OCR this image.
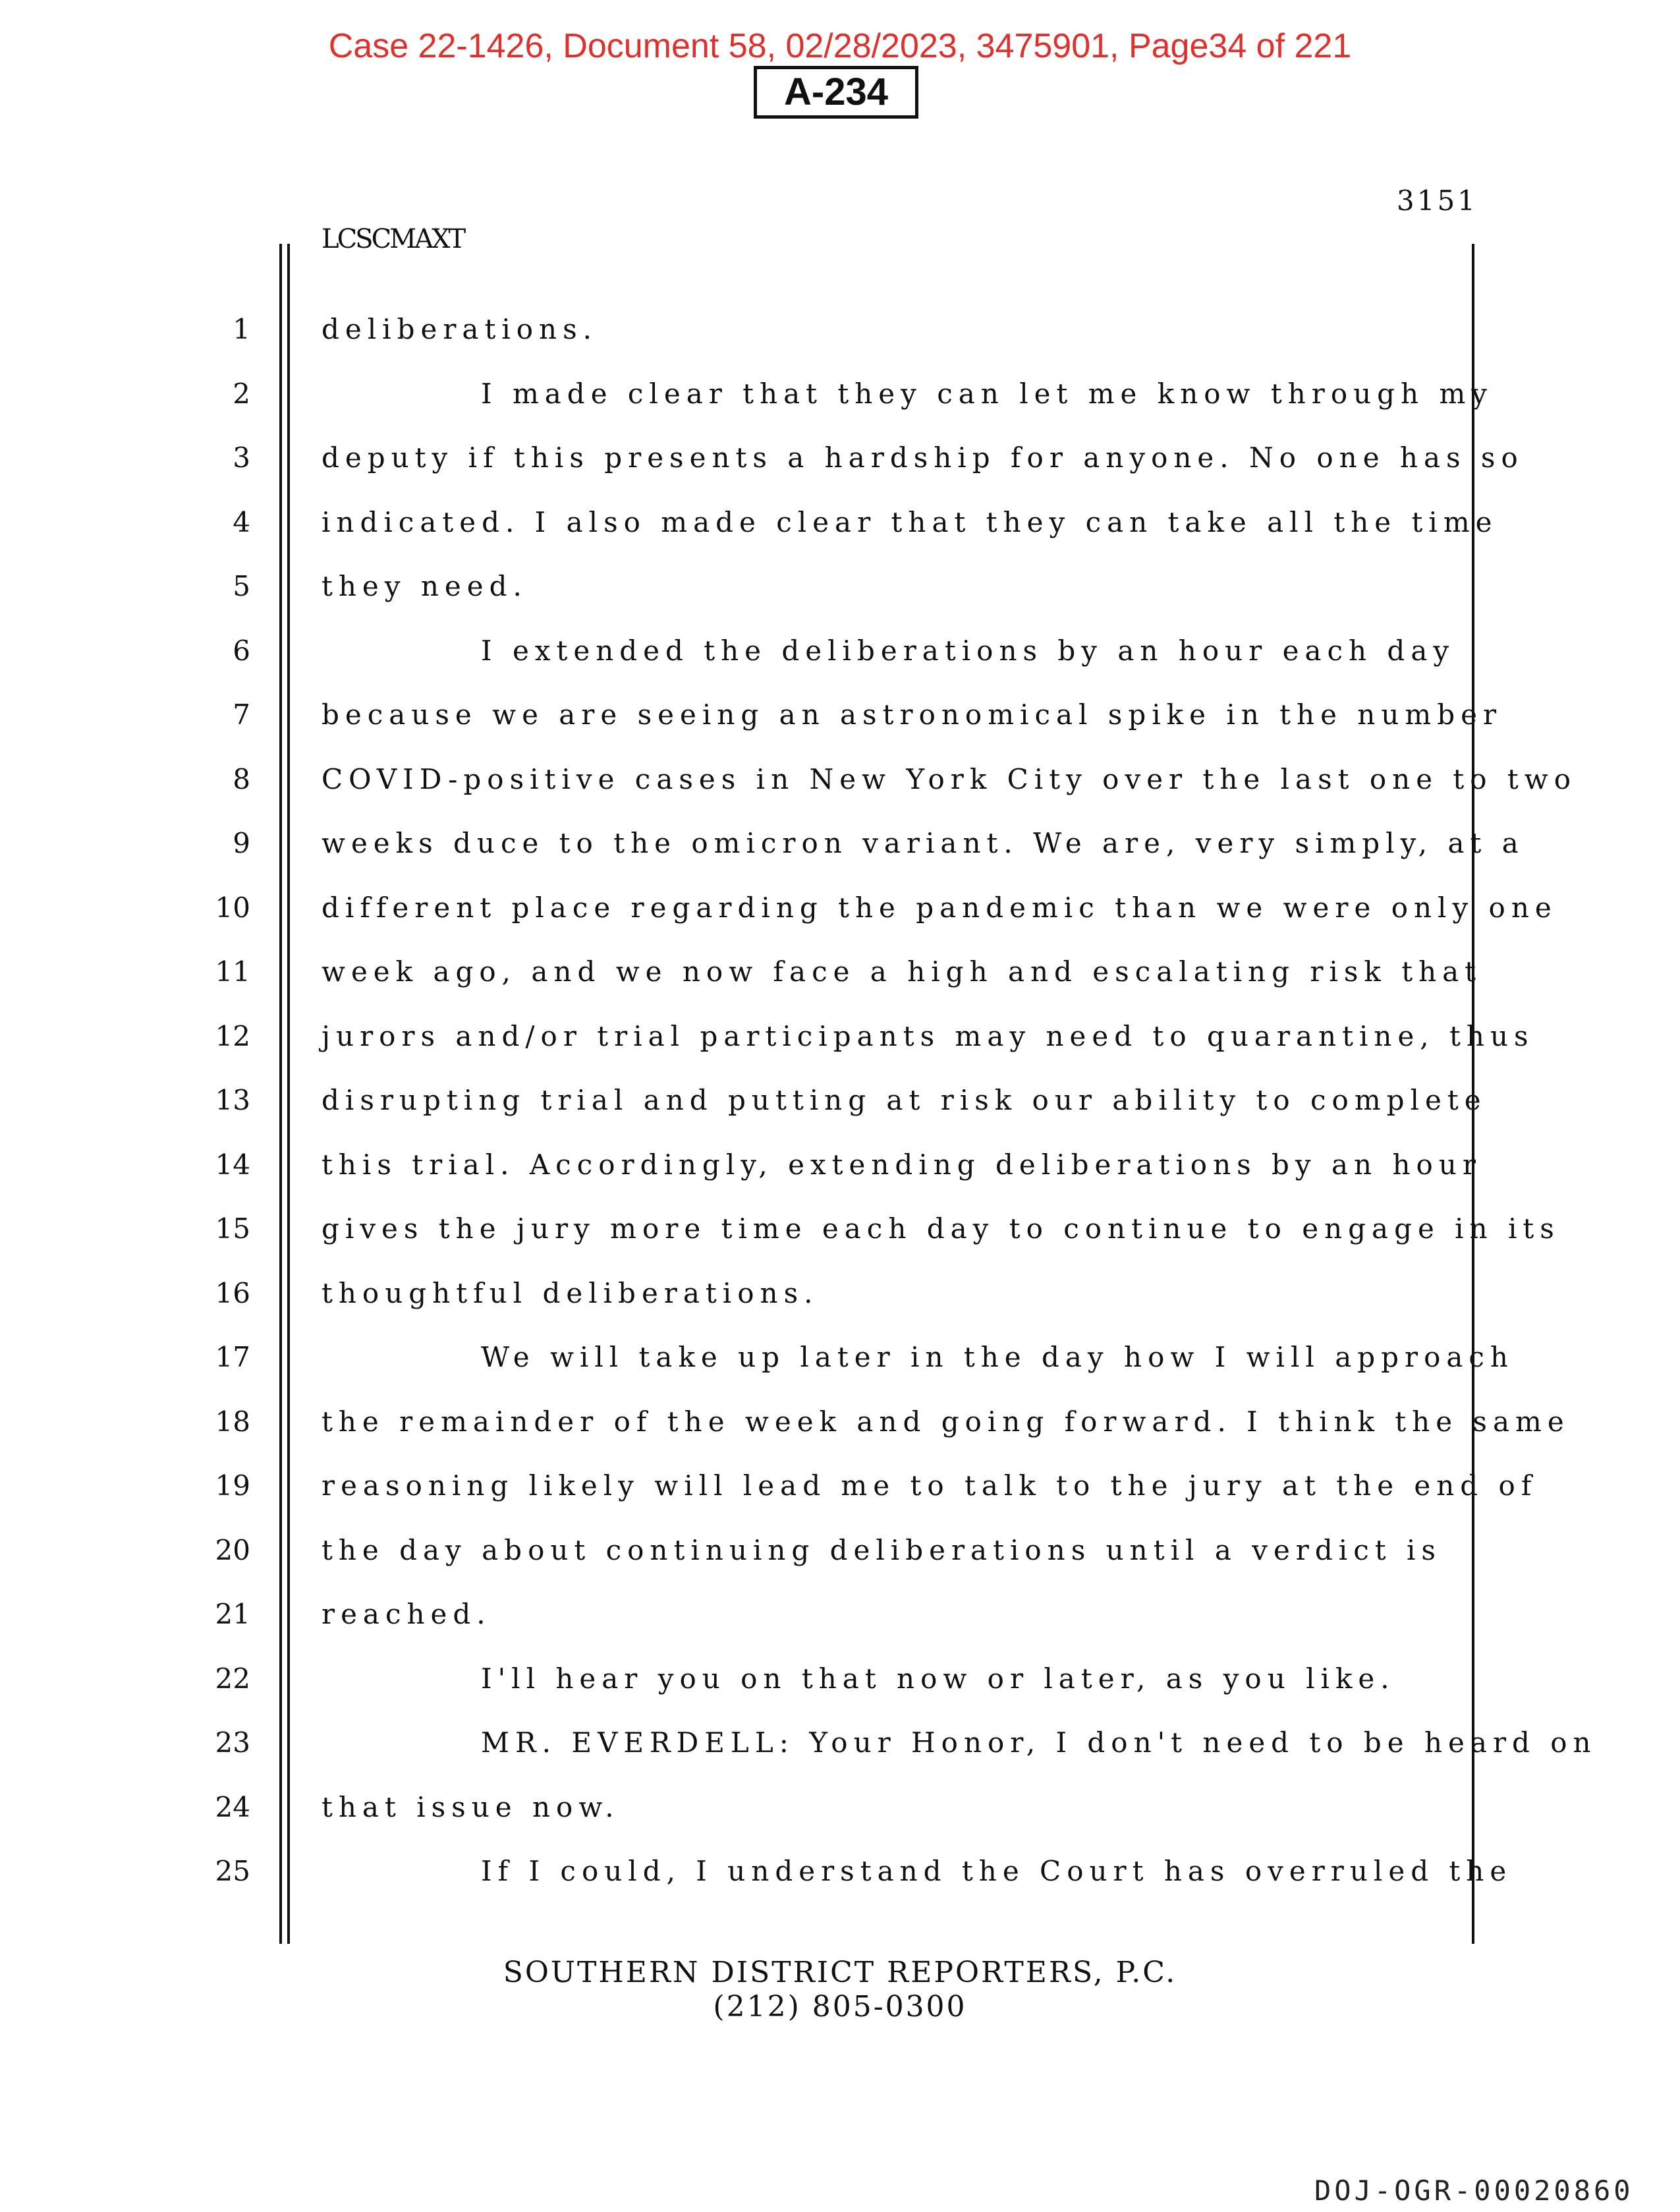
Case 22-1426, Document 58, 02/28/2023, 3475901, Page34 of 221
A-234
3151
LCSCMAXT
1	deliberations.
2	I made clear that they can let me know through my
3	deputy if this presents a hardship for anyone. No one has so
4	indicated. I also made clear that they can take all the time
5	they need.
6	I extended the deliberations by an hour each day
7	because we are seeing an astronomical spike in the number
8	COVID-positive cases in New York City over the last one to two
9	weeks duce to the omicron variant. We are, very simply, at a
10	different place regarding the pandemic than we were only one
11	week ago, and we now face a high and escalating risk that
12	jurors and/or trial participants may need to quarantine, thus
13	disrupting trial and putting at risk our ability to complete
14	this trial. Accordingly, extending deliberations by an hour
15	gives the jury more time each day to continue to engage in its
16	thoughtful deliberations.
17	We will take up later in the day how I will approach
18	the remainder of the week and going forward. I think the same
19	reasoning likely will lead me to talk to the jury at the end of
20	the day about continuing deliberations until a verdict is
21	reached.
22	I'll hear you on that now or later, as you like.
23	MR. EVERDELL: Your Honor, I don't need to be heard on
24	that issue now.
25	If I could, I understand the Court has overruled the
SOUTHERN DISTRICT REPORTERS, P.C.
(212) 805-0300
DOJ-OGR-00020860
